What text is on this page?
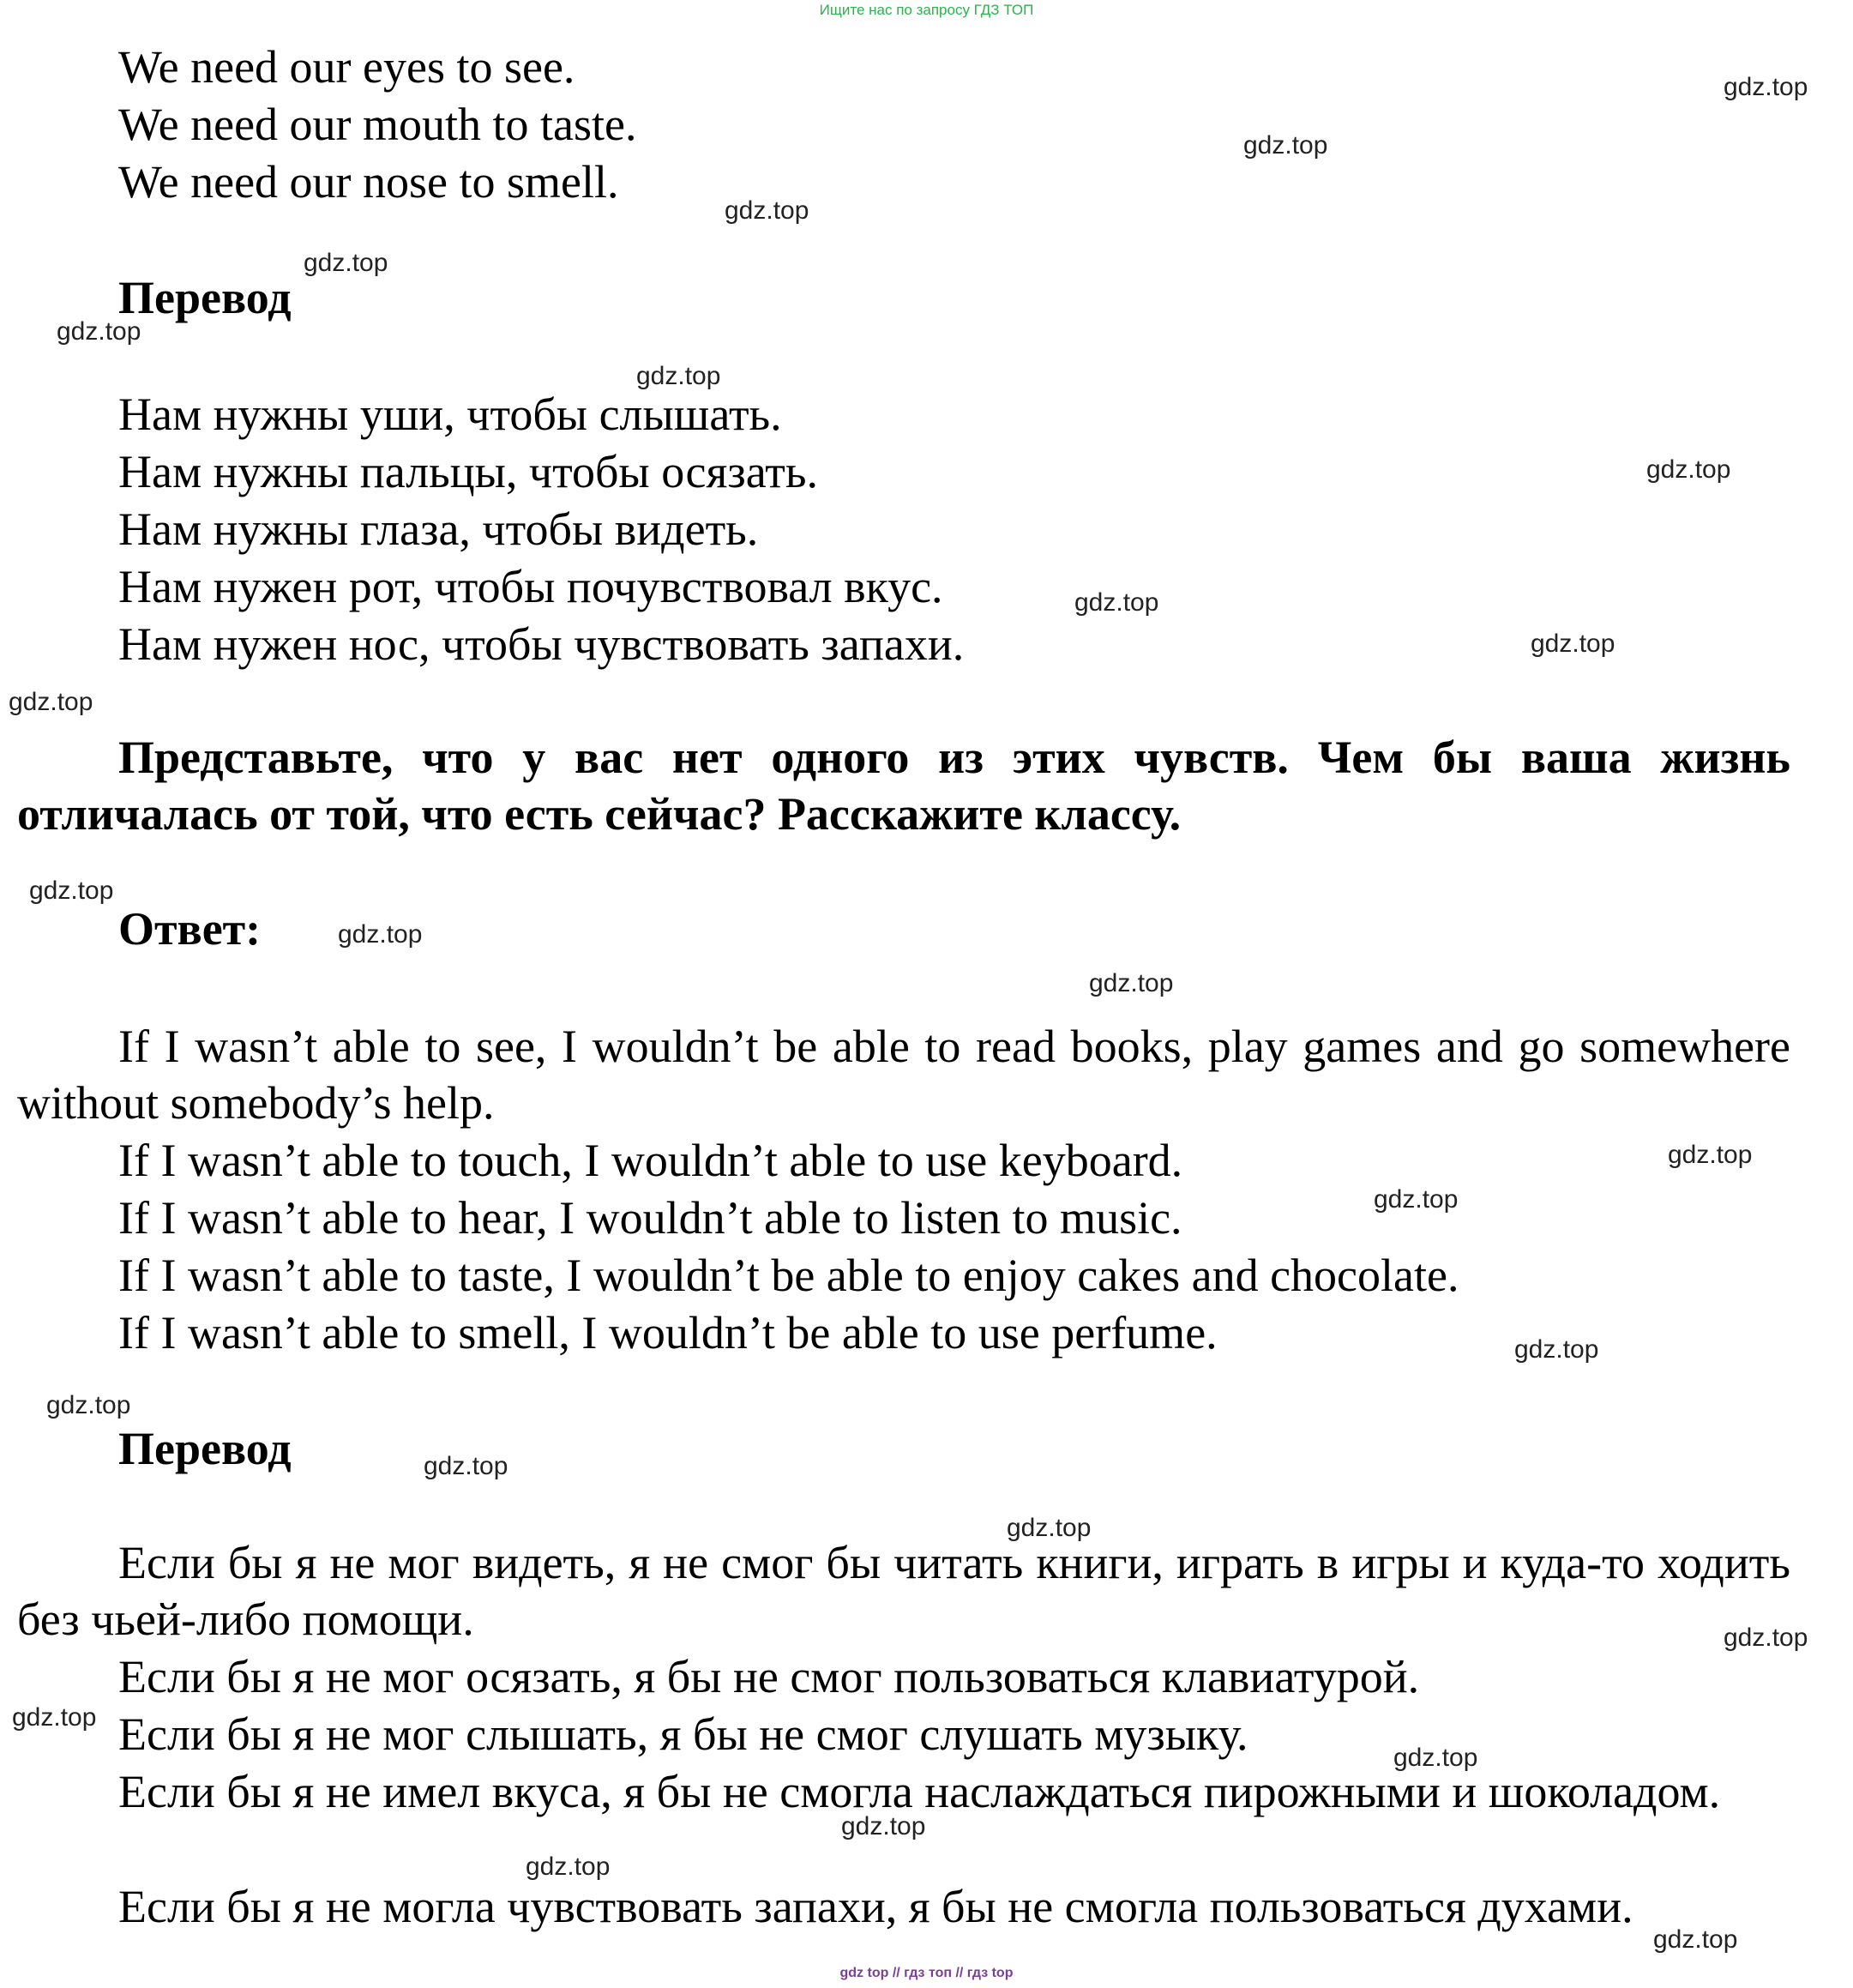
Ищите нас по запросу ГДЗ ТОП
We need our eyes to see.
We need our mouth to taste.
We need our nose to smell.
Перевод
Нам нужны уши, чтобы слышать.
Нам нужны пальцы, чтобы осязать.
Нам нужны глаза, чтобы видеть.
Нам нужен рот, чтобы почувствовал вкус.
Нам нужен нос, чтобы чувствовать запахи.
Представьте, что у вас нет одного из этих чувств. Чем бы ваша жизнь отличалась от той, что есть сейчас? Расскажите классу.
Ответ:
If I wasn’t able to see, I wouldn’t be able to read books, play games and go somewhere without somebody’s help.
If I wasn’t able to touch, I wouldn’t able to use keyboard.
If I wasn’t able to hear, I wouldn’t able to listen to music.
If I wasn’t able to taste, I wouldn’t be able to enjoy cakes and chocolate.
If I wasn’t able to smell, I wouldn’t be able to use perfume.
Перевод
Если бы я не мог видеть, я не смог бы читать книги, играть в игры и куда-то ходить без чьей-либо помощи.
Если бы я не мог осязать, я бы не смог пользоваться клавиатурой.
Если бы я не мог слышать, я бы не смог слушать музыку.
Если бы я не имел вкуса, я бы не смогла наслаждаться пирожными и шоколадом.
Если бы я не могла чувствовать запахи, я бы не смогла пользоваться духами.
gdz.top
gdz.top
gdz.top
gdz.top
gdz.top
gdz.top
gdz.top
gdz.top
gdz.top
gdz.top
gdz.top
gdz.top
gdz.top
gdz.top
gdz.top
gdz.top
gdz.top
gdz.top
gdz.top
gdz.top
gdz.top
gdz.top
gdz.top
gdz.top
gdz.top
gdz top // гдз топ // гдз top
